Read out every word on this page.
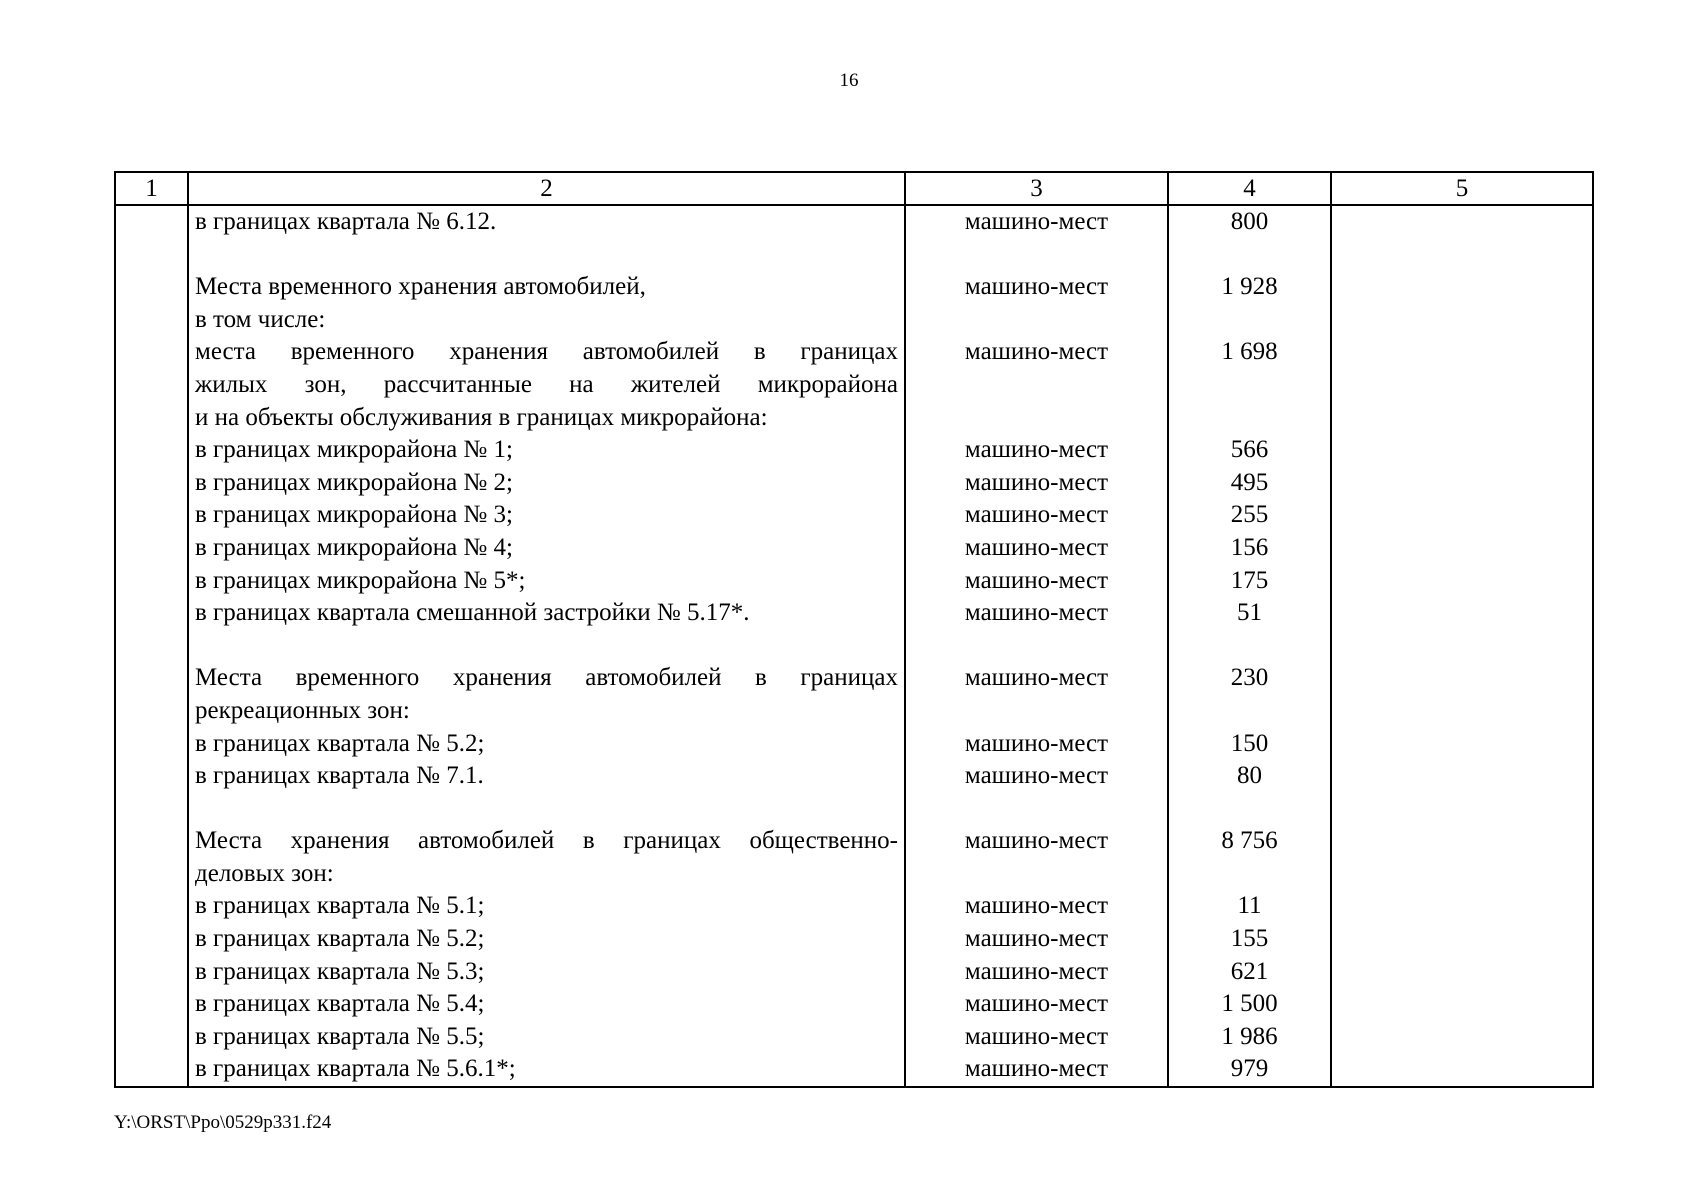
16
1	2	3	4	5

	в границах квартала № 6.12.	машино-мест	800	

	Места временного хранения автомобилей,	машино-мест	1 928	

	в том числе:			

	места временного хранения автомобилей в границах	машино-мест	1 698	

	жилых зон, рассчитанные на жителей микрорайона			

	и на объекты обслуживания в границах микрорайона:			

	в границах микрорайона № 1;	машино-мест	566	

	в границах микрорайона № 2;	машино-мест	495	

	в границах микрорайона № 3;	машино-мест	255	

	в границах микрорайона № 4;	машино-мест	156	

	в границах микрорайона № 5*;	машино-мест	175	

	в границах квартала смешанной застройки № 5.17*.	машино-мест	51	

	Места временного хранения автомобилей в границах	машино-мест	230	

	рекреационных зон:			

	в границах квартала № 5.2;	машино-мест	150	

	в границах квартала № 7.1.	машино-мест	80	

	Места хранения автомобилей в границах общественно-	машино-мест	8 756	

	деловых зон:			

	в границах квартала № 5.1;	машино-мест	11	

	в границах квартала № 5.2;	машино-мест	155	

	в границах квартала № 5.3;	машино-мест	621	

	в границах квартала № 5.4;	машино-мест	1 500	

	в границах квартала № 5.5;	машино-мест	1 986	

	в границах квартала № 5.6.1*;	машино-мест	979	
Y:\ORST\Ppo\0529p331.f24
